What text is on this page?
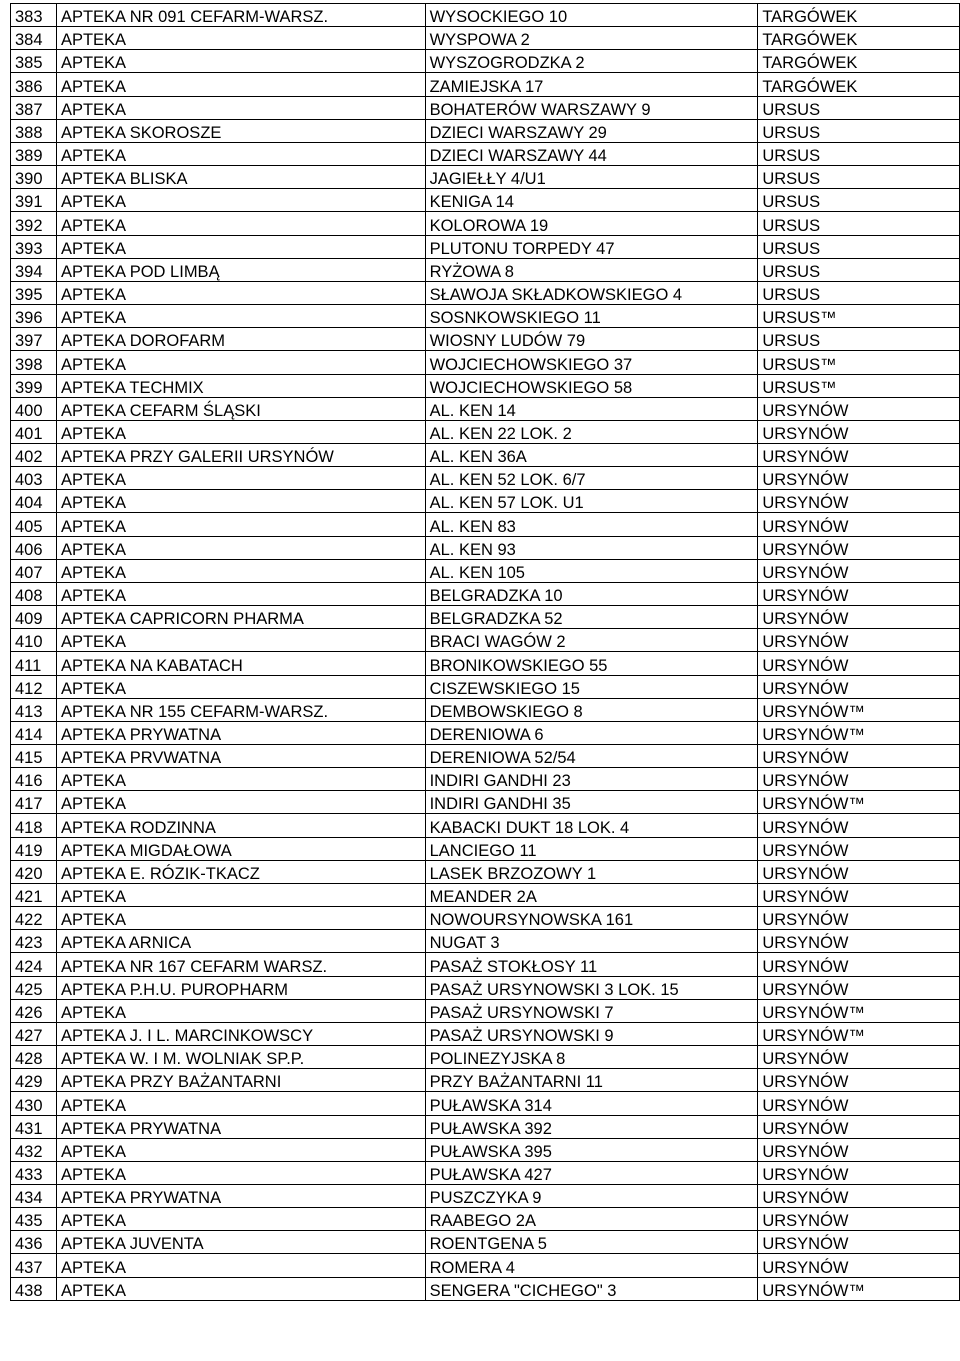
383	APTEKA NR 091 CEFARM-WARSZ.	WYSOCKIEGO 10	TARGÓWEK
384	APTEKA	WYSPOWA 2	TARGÓWEK
385	APTEKA	WYSZOGRODZKA 2	TARGÓWEK
386	APTEKA	ZAMIEJSKA 17	TARGÓWEK
387	APTEKA	BOHATERÓW WARSZAWY 9	URSUS
388	APTEKA SKOROSZE	DZIECI WARSZAWY 29	URSUS
389	APTEKA	DZIECI WARSZAWY 44	URSUS
390	APTEKA BLISKA	JAGIEŁŁY 4/U1	URSUS
391	APTEKA	KENIGA 14	URSUS
392	APTEKA	KOLOROWA 19	URSUS
393	APTEKA	PLUTONU TORPEDY 47	URSUS
394	APTEKA POD LIMBĄ	RYŻOWA 8	URSUS
395	APTEKA	SŁAWOJA SKŁADKOWSKIEGO 4	URSUS
396	APTEKA	SOSNKOWSKIEGO 11	URSUS™
397	APTEKA DOROFARM	WIOSNY LUDÓW 79	URSUS
398	APTEKA	WOJCIECHOWSKIEGO 37	URSUS™
399	APTEKA TECHMIX	WOJCIECHOWSKIEGO 58	URSUS™
400	APTEKA CEFARM ŚLĄSKI	AL. KEN 14	URSYNÓW
401	APTEKA	AL. KEN 22 LOK. 2	URSYNÓW
402	APTEKA PRZY GALERII URSYNÓW	AL. KEN 36A	URSYNÓW
403	APTEKA	AL. KEN 52 LOK. 6/7	URSYNÓW
404	APTEKA	AL. KEN 57 LOK. U1	URSYNÓW
405	APTEKA	AL. KEN 83	URSYNÓW
406	APTEKA	AL. KEN 93	URSYNÓW
407	APTEKA	AL. KEN 105	URSYNÓW
408	APTEKA	BELGRADZKA 10	URSYNÓW
409	APTEKA CAPRICORN PHARMA	BELGRADZKA 52	URSYNÓW
410	APTEKA	BRACI WAGÓW 2	URSYNÓW
411	APTEKA NA KABATACH	BRONIKOWSKIEGO 55	URSYNÓW
412	APTEKA	CISZEWSKIEGO 15	URSYNÓW
413	APTEKA NR 155 CEFARM-WARSZ.	DEMBOWSKIEGO 8	URSYNÓW™
414	APTEKA PRYWATNA	DERENIOWA 6	URSYNÓW™
415	APTEKA PRVWATNA	DERENIOWA 52/54	URSYNÓW
416	APTEKA	INDIRI GANDHI 23	URSYNÓW
417	APTEKA	INDIRI GANDHI 35	URSYNÓW™
418	APTEKA RODZINNA	KABACKI DUKT 18 LOK. 4	URSYNÓW
419	APTEKA MIGDAŁOWA	LANCIEGO 11	URSYNÓW
420	APTEKA E. RÓZIK-TKACZ	LASEK BRZOZOWY 1	URSYNÓW
421	APTEKA	MEANDER 2A	URSYNÓW
422	APTEKA	NOWOURSYNOWSKA 161	URSYNÓW
423	APTEKA ARNICA	NUGAT 3	URSYNÓW
424	APTEKA NR 167 CEFARM WARSZ.	PASAŻ STOKŁOSY 11	URSYNÓW
425	APTEKA P.H.U. PUROPHARM	PASAŻ URSYNOWSKI 3 LOK. 15	URSYNÓW
426	APTEKA	PASAŻ URSYNOWSKI 7	URSYNÓW™
427	APTEKA J. I L. MARCINKOWSCY	PASAŻ URSYNOWSKI 9	URSYNÓW™
428	APTEKA W. I M. WOLNIAK SP.P.	POLINEZYJSKA 8	URSYNÓW
429	APTEKA PRZY BAŻANTARNI	PRZY BAŻANTARNI 11	URSYNÓW
430	APTEKA	PUŁAWSKA 314	URSYNÓW
431	APTEKA PRYWATNA	PUŁAWSKA 392	URSYNÓW
432	APTEKA	PUŁAWSKA 395	URSYNÓW
433	APTEKA	PUŁAWSKA 427	URSYNÓW
434	APTEKA PRYWATNA	PUSZCZYKA 9	URSYNÓW
435	APTEKA	RAABEGO 2A	URSYNÓW
436	APTEKA JUVENTA	ROENTGENA 5	URSYNÓW
437	APTEKA	ROMERA 4	URSYNÓW
438	APTEKA	SENGERA "CICHEGO" 3	URSYNÓW™
